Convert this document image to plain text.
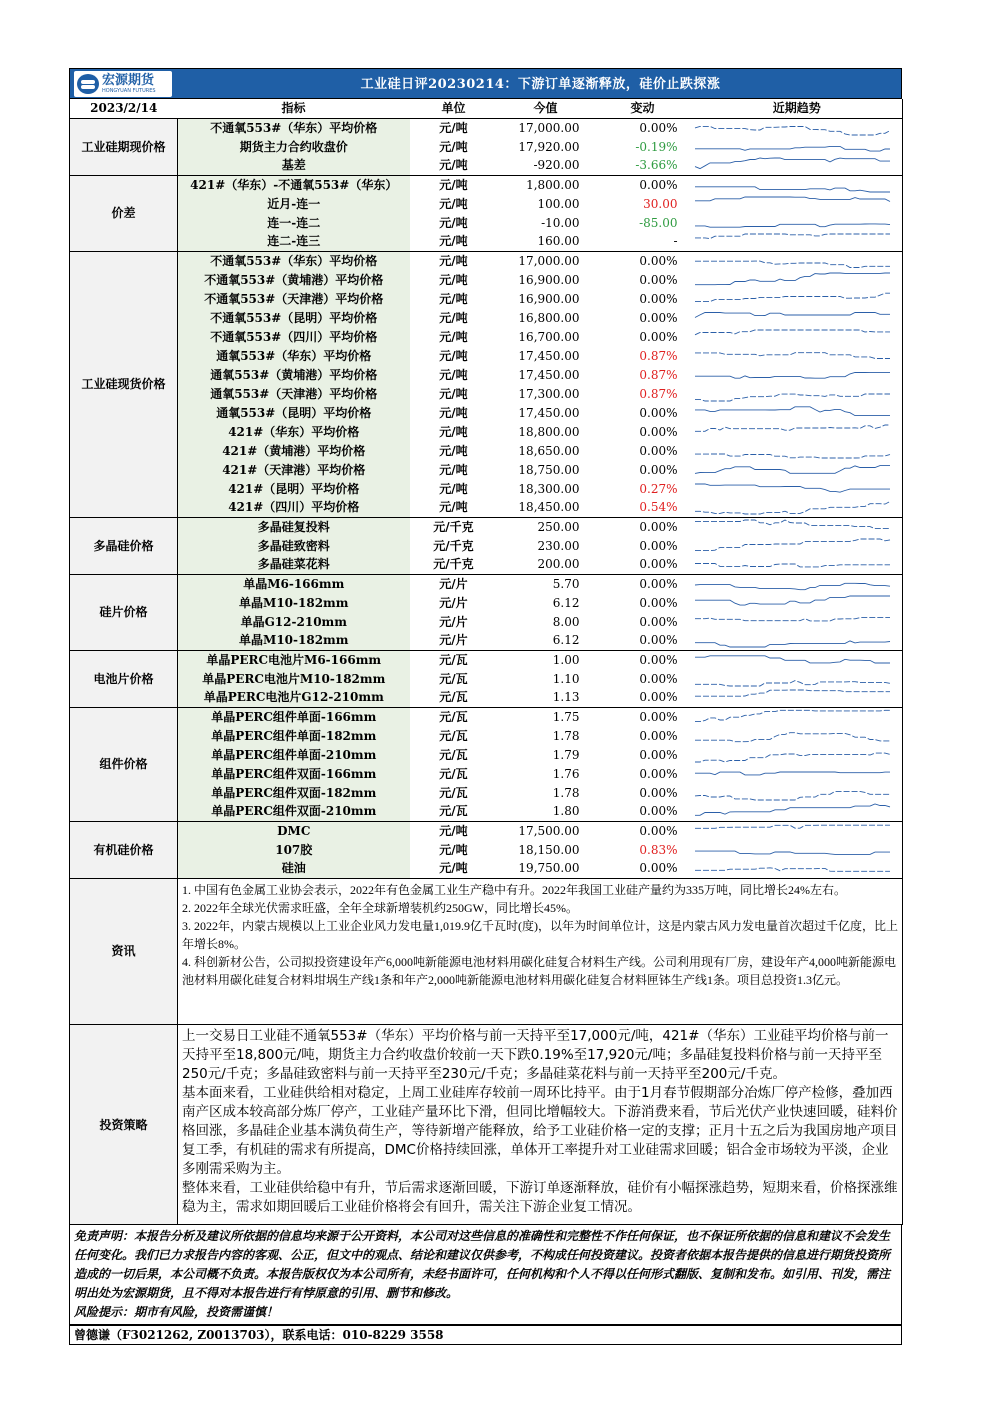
宏源期货
HONGYUAN FUTURES	工业硅日评20230214：下游订单逐渐释放，硅价止跌探涨
2023/2/14	指标	单位	今值	变动	近期趋势
工业硅期现价格	不通氧553#（华东）平均价格	元/吨	17,000.00	0.00%	

	期货主力合约收盘价	元/吨	17,920.00	-0.19%	

	基差	元/吨	-920.00	-3.66%	

价差	421#（华东）-不通氧553#（华东）	元/吨	1,800.00	0.00%	

	近月-连一	元/吨	100.00	30.00	

	连一-连二	元/吨	-10.00	-85.00	

	连二-连三	元/吨	160.00	-	

工业硅现货价格	不通氧553#（华东）平均价格	元/吨	17,000.00	0.00%	

	不通氧553#（黄埔港）平均价格	元/吨	16,900.00	0.00%	

	不通氧553#（天津港）平均价格	元/吨	16,900.00	0.00%	

	不通氧553#（昆明）平均价格	元/吨	16,800.00	0.00%	

	不通氧553#（四川）平均价格	元/吨	16,700.00	0.00%	

	通氧553#（华东）平均价格	元/吨	17,450.00	0.87%	

	通氧553#（黄埔港）平均价格	元/吨	17,450.00	0.87%	

	通氧553#（天津港）平均价格	元/吨	17,300.00	0.87%	

	通氧553#（昆明）平均价格	元/吨	17,450.00	0.00%	

	421#（华东）平均价格	元/吨	18,800.00	0.00%	

	421#（黄埔港）平均价格	元/吨	18,650.00	0.00%	

	421#（天津港）平均价格	元/吨	18,750.00	0.00%	

	421#（昆明）平均价格	元/吨	18,300.00	0.27%	

	421#（四川）平均价格	元/吨	18,450.00	0.54%	

多晶硅价格	多晶硅复投料	元/千克	250.00	0.00%	

	多晶硅致密料	元/千克	230.00	0.00%	

	多晶硅菜花料	元/千克	200.00	0.00%	

硅片价格	单晶M6-166mm	元/片	5.70	0.00%	

	单晶M10-182mm	元/片	6.12	0.00%	

	单晶G12-210mm	元/片	8.00	0.00%	

	单晶M10-182mm	元/片	6.12	0.00%	

电池片价格	单晶PERC电池片M6-166mm	元/瓦	1.00	0.00%	

	单晶PERC电池片M10-182mm	元/瓦	1.10	0.00%	

	单晶PERC电池片G12-210mm	元/瓦	1.13	0.00%	

组件价格	单晶PERC组件单面-166mm	元/瓦	1.75	0.00%	

	单晶PERC组件单面-182mm	元/瓦	1.78	0.00%	

	单晶PERC组件单面-210mm	元/瓦	1.79	0.00%	

	单晶PERC组件双面-166mm	元/瓦	1.76	0.00%	

	单晶PERC组件双面-182mm	元/瓦	1.78	0.00%	

	单晶PERC组件双面-210mm	元/瓦	1.80	0.00%	

有机硅价格	DMC	元/吨	17,500.00	0.00%	

	107胶	元/吨	18,150.00	0.83%	

	硅油	元/吨	19,750.00	0.00%	
资讯	1. 中国有色金属工业协会表示，2022年有色金属工业生产稳中有升。2022年我国工业硅产量约为335万吨，同比增长24%左右。

2. 2022年全球光伏需求旺盛，全年全球新增装机约250GW，同比增长45%。

3. 2022年，内蒙古规模以上工业企业风力发电量1,019.9亿千瓦时(度)，以年为时间单位计，这是内蒙古风力发电量首次超过千亿度，比上年增长8%。

4. 科创新材公告，公司拟投资建设年产6,000吨新能源电池材料用碳化硅复合材料生产线。公司利用现有厂房，建设年产4,000吨新能源电池材料用碳化硅复合材料坩埚生产线1条和年产2,000吨新能源电池材料用碳化硅复合材料匣钵生产线1条。项目总投资1.3亿元。

投资策略	上一交易日工业硅不通氧553#（华东）平均价格与前一天持平至17,000元/吨，421#（华东）工业硅平均价格与前一天持平至18,800元/吨，期货主力合约收盘价较前一天下跌0.19%至17,920元/吨；多晶硅复投料价格与前一天持平至250元/千克；多晶硅致密料与前一天持平至230元/千克；多晶硅菜花料与前一天持平至200元/千克。

基本面来看，工业硅供给相对稳定，上周工业硅库存较前一周环比持平。由于1月春节假期部分冶炼厂停产检修，叠加西南产区成本较高部分炼厂停产，工业硅产量环比下滑，但同比增幅较大。下游消费来看，节后光伏产业快速回暖，硅料价格回涨，多晶硅企业基本满负荷生产，等待新增产能释放，给予工业硅价格一定的支撑；正月十五之后为我国房地产项目复工季，有机硅的需求有所提高，DMC价格持续回涨，单体开工率提升对工业硅需求回暖；铝合金市场较为平淡，企业多刚需采购为主。

整体来看，工业硅供给稳中有升，节后需求逐渐回暖，下游订单逐渐释放，硅价有小幅探涨趋势，短期来看，价格探涨维稳为主，需求如期回暖后工业硅价格将会有回升，需关注下游企业复工情况。

免责声明：本报告分析及建议所依据的信息均来源于公开资料，本公司对这些信息的准确性和完整性不作任何保证，也不保证所依据的信息和建议不会发生任何变化。我们已力求报告内容的客观、公正，但文中的观点、结论和建议仅供参考，不构成任何投资建议。投资者依据本报告提供的信息进行期货投资所造成的一切后果，本公司概不负责。本报告版权仅为本公司所有，未经书面许可，任何机构和个人不得以任何形式翻版、复制和发布。如引用、刊发，需注明出处为宏源期货，且不得对本报告进行有悖原意的引用、删节和修改。
风险提示：期市有风险，投资需谨慎！
曾德谦（F3021262, Z0013703），联系电话：010-8229 3558
